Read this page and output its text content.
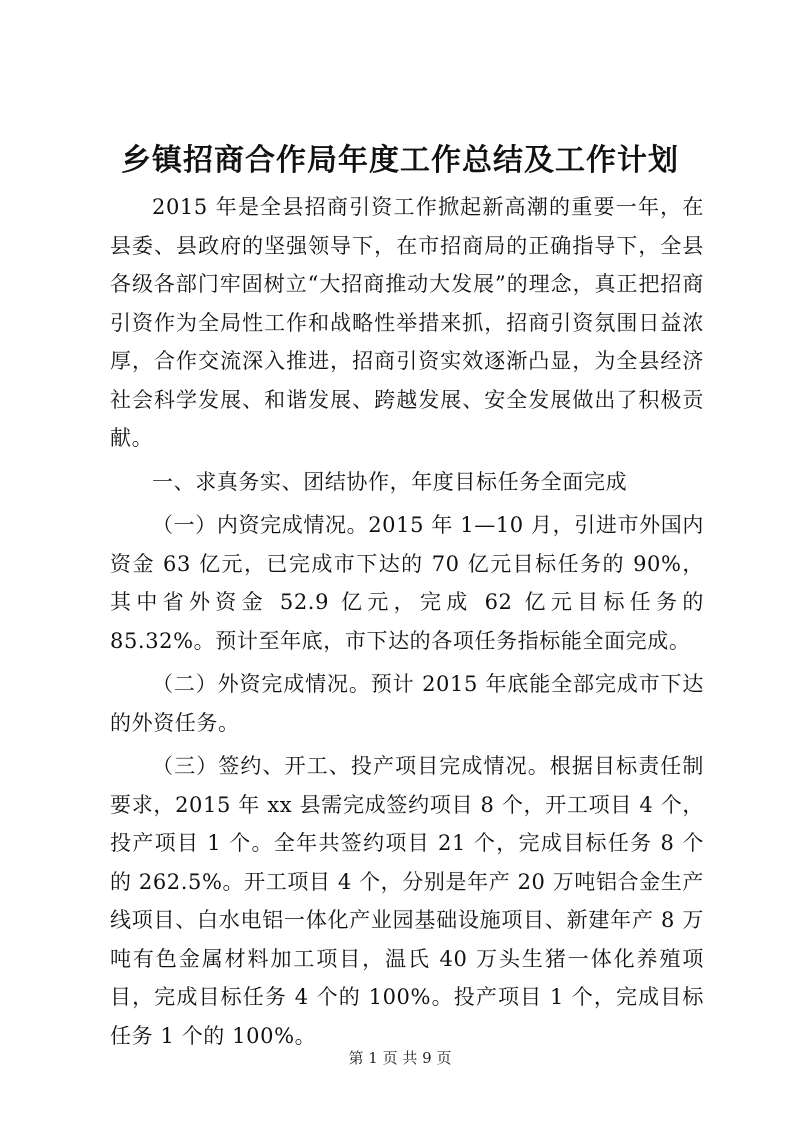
乡镇招商合作局年度工作总结及工作计划

2015 年是全县招商引资工作掀起新高潮的重要一年，在县委、县政府的坚强领导下，在市招商局的正确指导下，全县各级各部门牢固树立“大招商推动大发展”的理念，真正把招商引资作为全局性工作和战略性举措来抓，招商引资氛围日益浓厚，合作交流深入推进，招商引资实效逐渐凸显，为全县经济社会科学发展、和谐发展、跨越发展、安全发展做出了积极贡献。

一、求真务实、团结协作，年度目标任务全面完成

（一）内资完成情况。2015 年 1—10 月，引进市外国内资金 63 亿元，已完成市下达的 70 亿元目标任务的 90%，其中省外资金 52.9 亿元，完成 62 亿元目标任务的 85.32%。预计至年底，市下达的各项任务指标能全面完成。

（二）外资完成情况。预计 2015 年底能全部完成市下达的外资任务。

（三）签约、开工、投产项目完成情况。根据目标责任制要求，2015 年 xx 县需完成签约项目 8 个，开工项目 4 个，投产项目 1 个。全年共签约项目 21 个，完成目标任务 8 个的 262.5%。开工项目 4 个，分别是年产 20 万吨铝合金生产线项目、白水电铝一体化产业园基础设施项目、新建年产 8 万吨有色金属材料加工项目，温氏 40 万头生猪一体化养殖项目，完成目标任务 4 个的 100%。投产项目 1 个，完成目标任务 1 个的 100%。

第 1 页 共 9 页
